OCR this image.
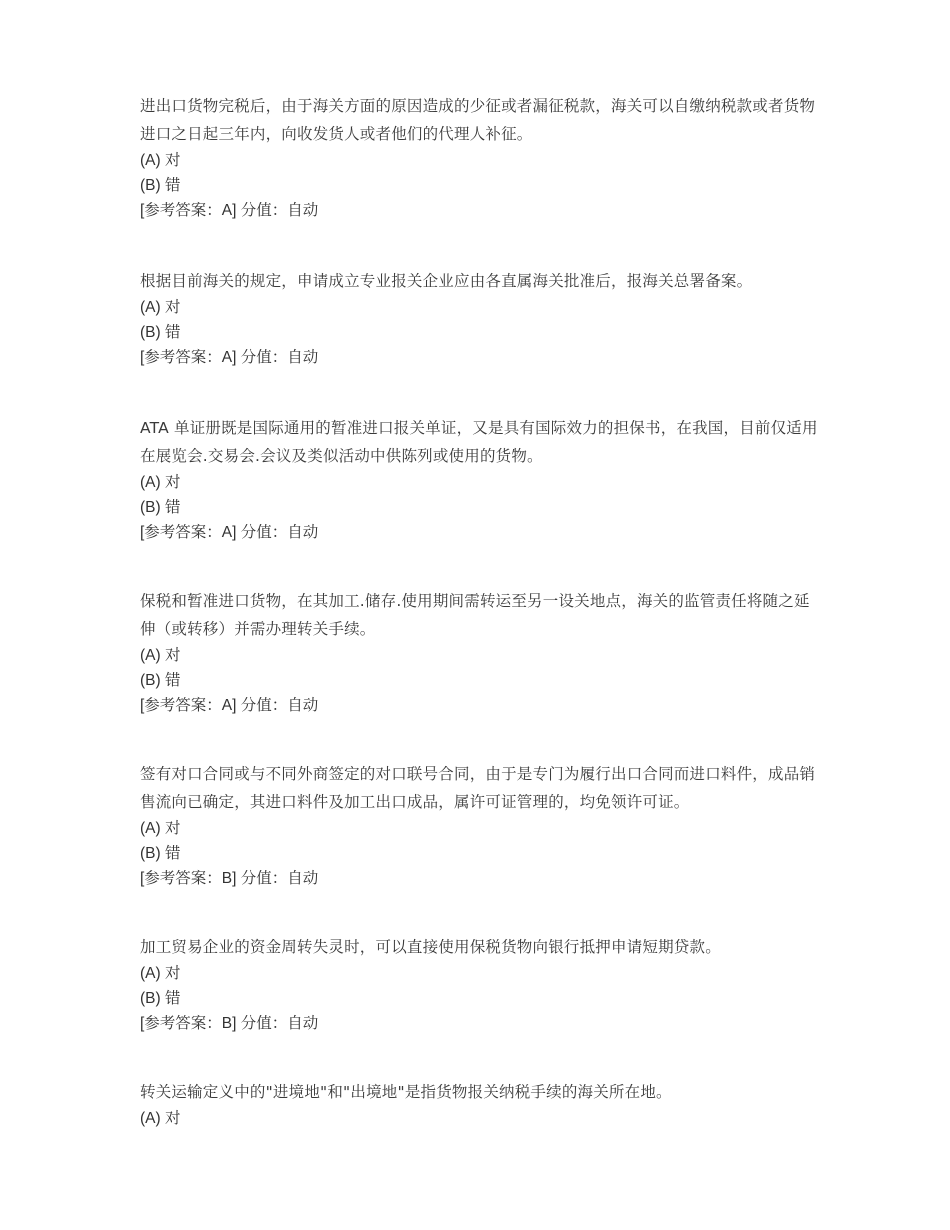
进出口货物完税后，由于海关方面的原因造成的少征或者漏征税款，海关可以自缴纳税款或者货物进口之日起三年内，向收发货人或者他们的代理人补征。
(A) 对
(B) 错
[参考答案：A] 分值：自动
根据目前海关的规定，申请成立专业报关企业应由各直属海关批准后，报海关总署备案。
(A) 对
(B) 错
[参考答案：A] 分值：自动
ATA 单证册既是国际通用的暂准进口报关单证，又是具有国际效力的担保书，在我国，目前仅适用在展览会.交易会.会议及类似活动中供陈列或使用的货物。
(A) 对
(B) 错
[参考答案：A] 分值：自动
保税和暂准进口货物，在其加工.储存.使用期间需转运至另一设关地点，海关的监管责任将随之延伸（或转移）并需办理转关手续。
(A) 对
(B) 错
[参考答案：A] 分值：自动
签有对口合同或与不同外商签定的对口联号合同，由于是专门为履行出口合同而进口料件，成品销售流向已确定，其进口料件及加工出口成品，属许可证管理的，均免领许可证。
(A) 对
(B) 错
[参考答案：B] 分值：自动
加工贸易企业的资金周转失灵时，可以直接使用保税货物向银行抵押申请短期贷款。
(A) 对
(B) 错
[参考答案：B] 分值：自动
转关运输定义中的"进境地"和"出境地"是指货物报关纳税手续的海关所在地。
(A) 对
